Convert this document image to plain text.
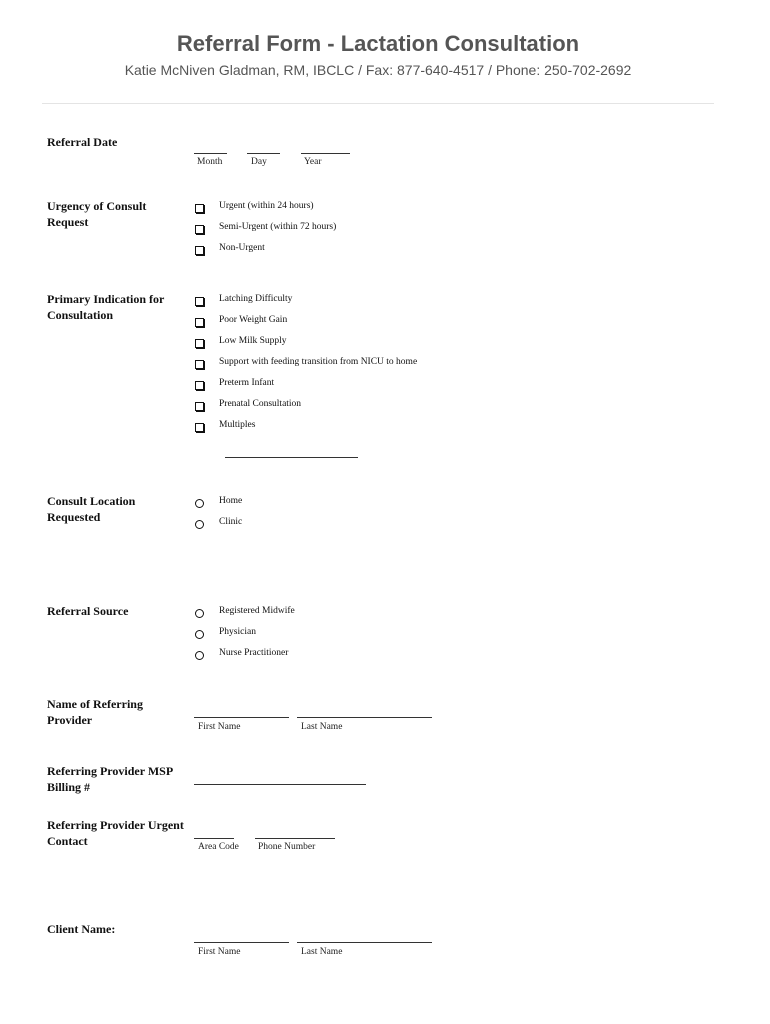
Referral Form - Lactation Consultation
Katie McNiven Gladman, RM, IBCLC / Fax: 877-640-4517 / Phone: 250-702-2692
Referral Date
Month	Day	Year
Urgency of Consult Request
Urgent (within 24 hours)
Semi-Urgent (within 72 hours)
Non-Urgent
Primary Indication for Consultation
Latching Difficulty
Poor Weight Gain
Low Milk Supply
Support with feeding transition from NICU to home
Preterm Infant
Prenatal Consultation
Multiples
Consult Location Requested
Home
Clinic
Referral Source	Registered Midwife
Physician
Nurse Practitioner
Name of Referring Provider	First Name	Last Name
Referring Provider MSP Billing #
Referring Provider Urgent Contact	Area Code Phone Number
Client Name:
First Name	Last Name
